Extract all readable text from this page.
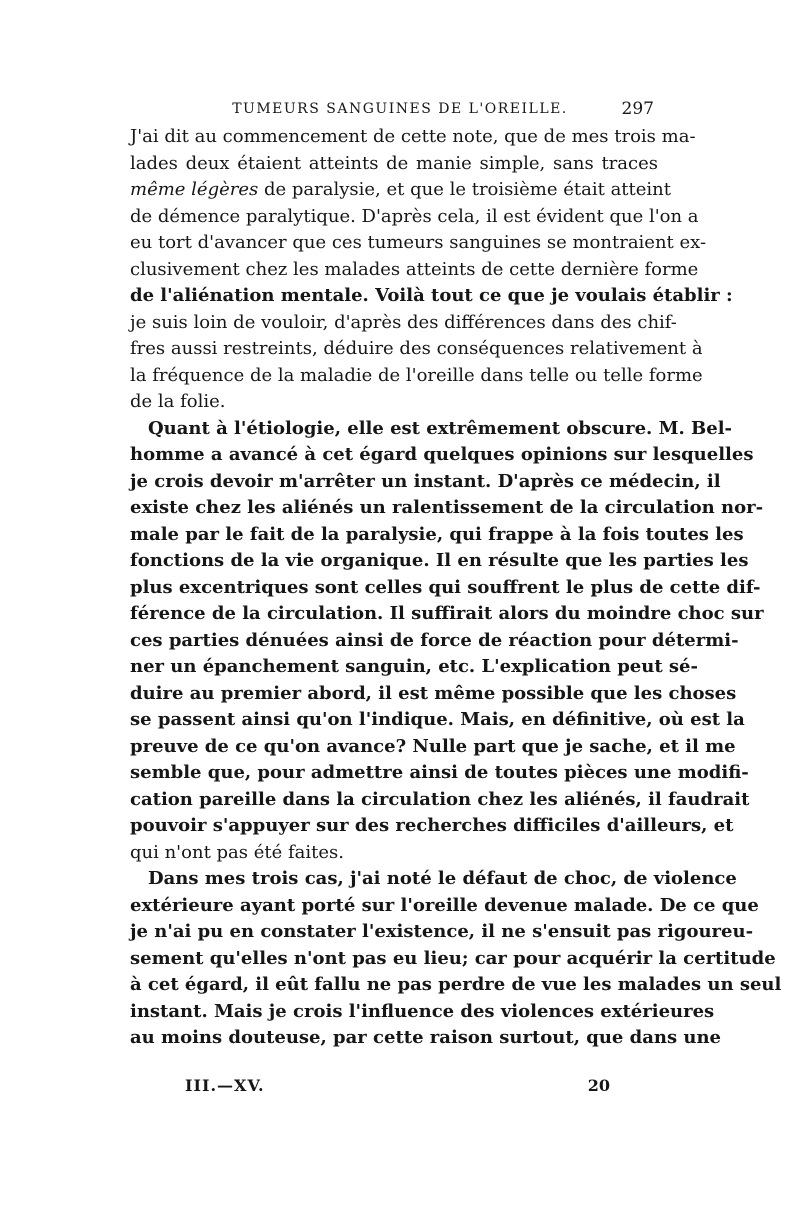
TUMEURS SANGUINES DE L'OREILLE.	297
J'ai dit au commencement de cette note, que de mes trois ma-
lades deux étaient atteints de manie simple, sans traces
même légères de paralysie, et que le troisième était atteint
de démence paralytique. D'après cela, il est évident que l'on a
eu tort d'avancer que ces tumeurs sanguines se montraient ex-
clusivement chez les malades atteints de cette dernière forme
de l'aliénation mentale. Voilà tout ce que je voulais établir :
je suis loin de vouloir, d'après des différences dans des chif-
fres aussi restreints, déduire des conséquences relativement à
la fréquence de la maladie de l'oreille dans telle ou telle forme
de la folie.
Quant à l'étiologie, elle est extrêmement obscure. M. Bel-
homme a avancé à cet égard quelques opinions sur lesquelles
je crois devoir m'arrêter un instant. D'après ce médecin, il
existe chez les aliénés un ralentissement de la circulation nor-
male par le fait de la paralysie, qui frappe à la fois toutes les
fonctions de la vie organique. Il en résulte que les parties les
plus excentriques sont celles qui souffrent le plus de cette dif-
férence de la circulation. Il suffirait alors du moindre choc sur
ces parties dénuées ainsi de force de réaction pour détermi-
ner un épanchement sanguin, etc. L'explication peut sé-
duire au premier abord, il est même possible que les choses
se passent ainsi qu'on l'indique. Mais, en définitive, où est la
preuve de ce qu'on avance? Nulle part que je sache, et il me
semble que, pour admettre ainsi de toutes pièces une modifi-
cation pareille dans la circulation chez les aliénés, il faudrait
pouvoir s'appuyer sur des recherches difficiles d'ailleurs, et
qui n'ont pas été faites.
Dans mes trois cas, j'ai noté le défaut de choc, de violence
extérieure ayant porté sur l'oreille devenue malade. De ce que
je n'ai pu en constater l'existence, il ne s'ensuit pas rigoureu-
sement qu'elles n'ont pas eu lieu; car pour acquérir la certitude
à cet égard, il eût fallu ne pas perdre de vue les malades un seul
instant. Mais je crois l'influence des violences extérieures
au moins douteuse, par cette raison surtout, que dans une
III.—XV.	20
